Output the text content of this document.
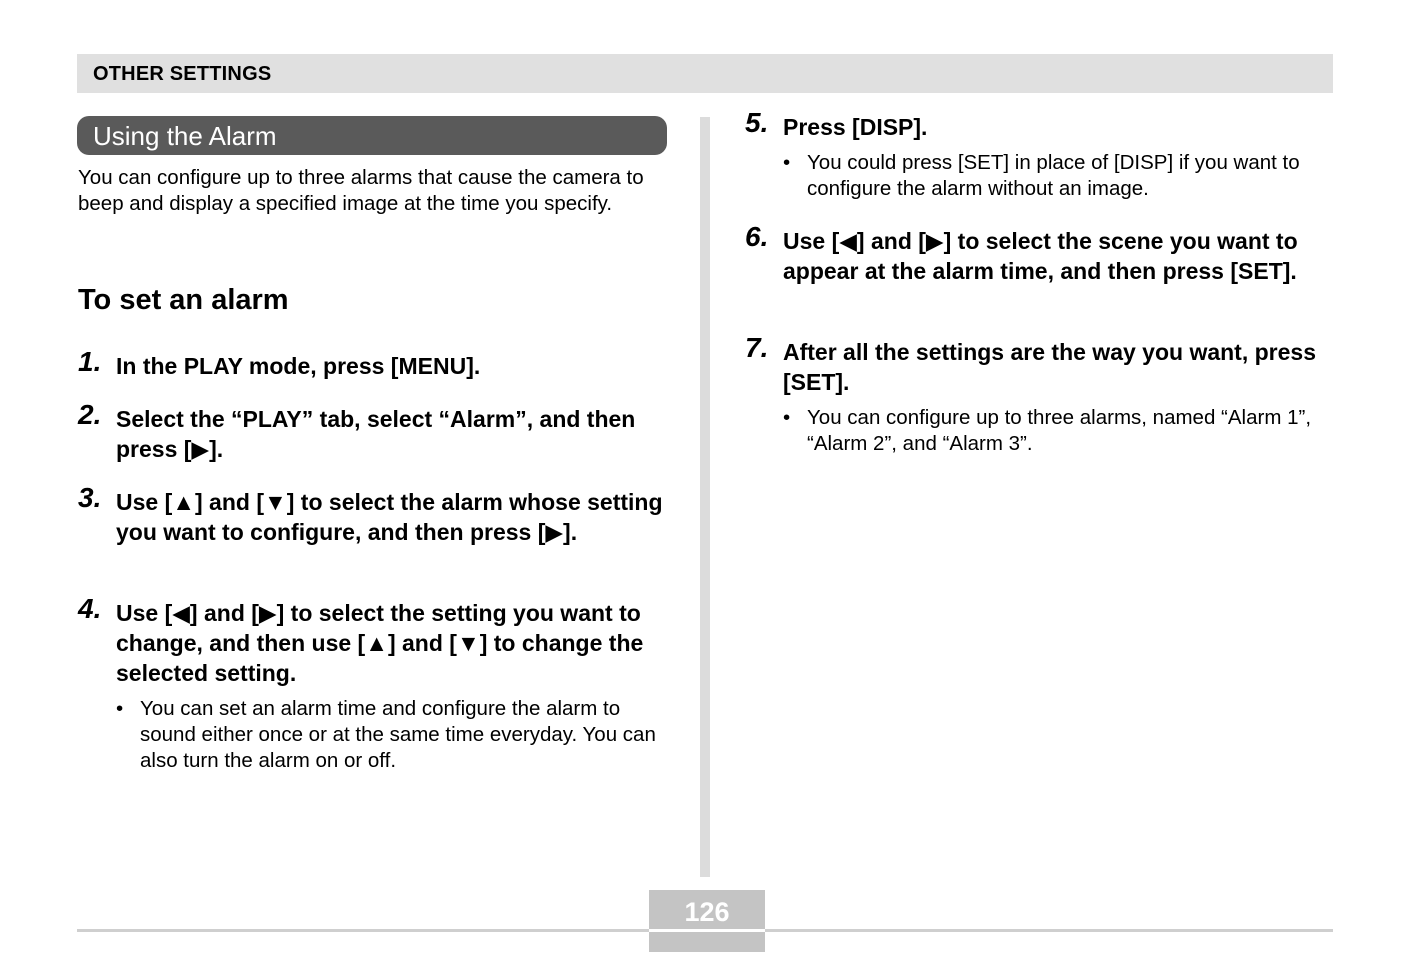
OTHER SETTINGS
Using the Alarm

You can configure up to three alarms that cause the camera to beep and display a specified image at the time you specify.

To set an alarm
1. In the PLAY mode, press [MENU].

2. Select the “PLAY” tab, select “Alarm”, and then press [▶].

3. Use [▲] and [▼] to select the alarm whose setting you want to configure, and then press [▶].

4. Use [◀] and [▶] to select the setting you want to change, and then use [▲] and [▼] to change the selected setting.

• You can set an alarm time and configure the alarm to sound either once or at the same time everyday. You can also turn the alarm on or off.

5. Press [DISP].

• You could press [SET] in place of [DISP] if you want to configure the alarm without an image.

6. Use [◀] and [▶] to select the scene you want to appear at the alarm time, and then press [SET].

7. After all the settings are the way you want, press [SET].

• You can configure up to three alarms, named “Alarm 1”, “Alarm 2”, and “Alarm 3”.

126
